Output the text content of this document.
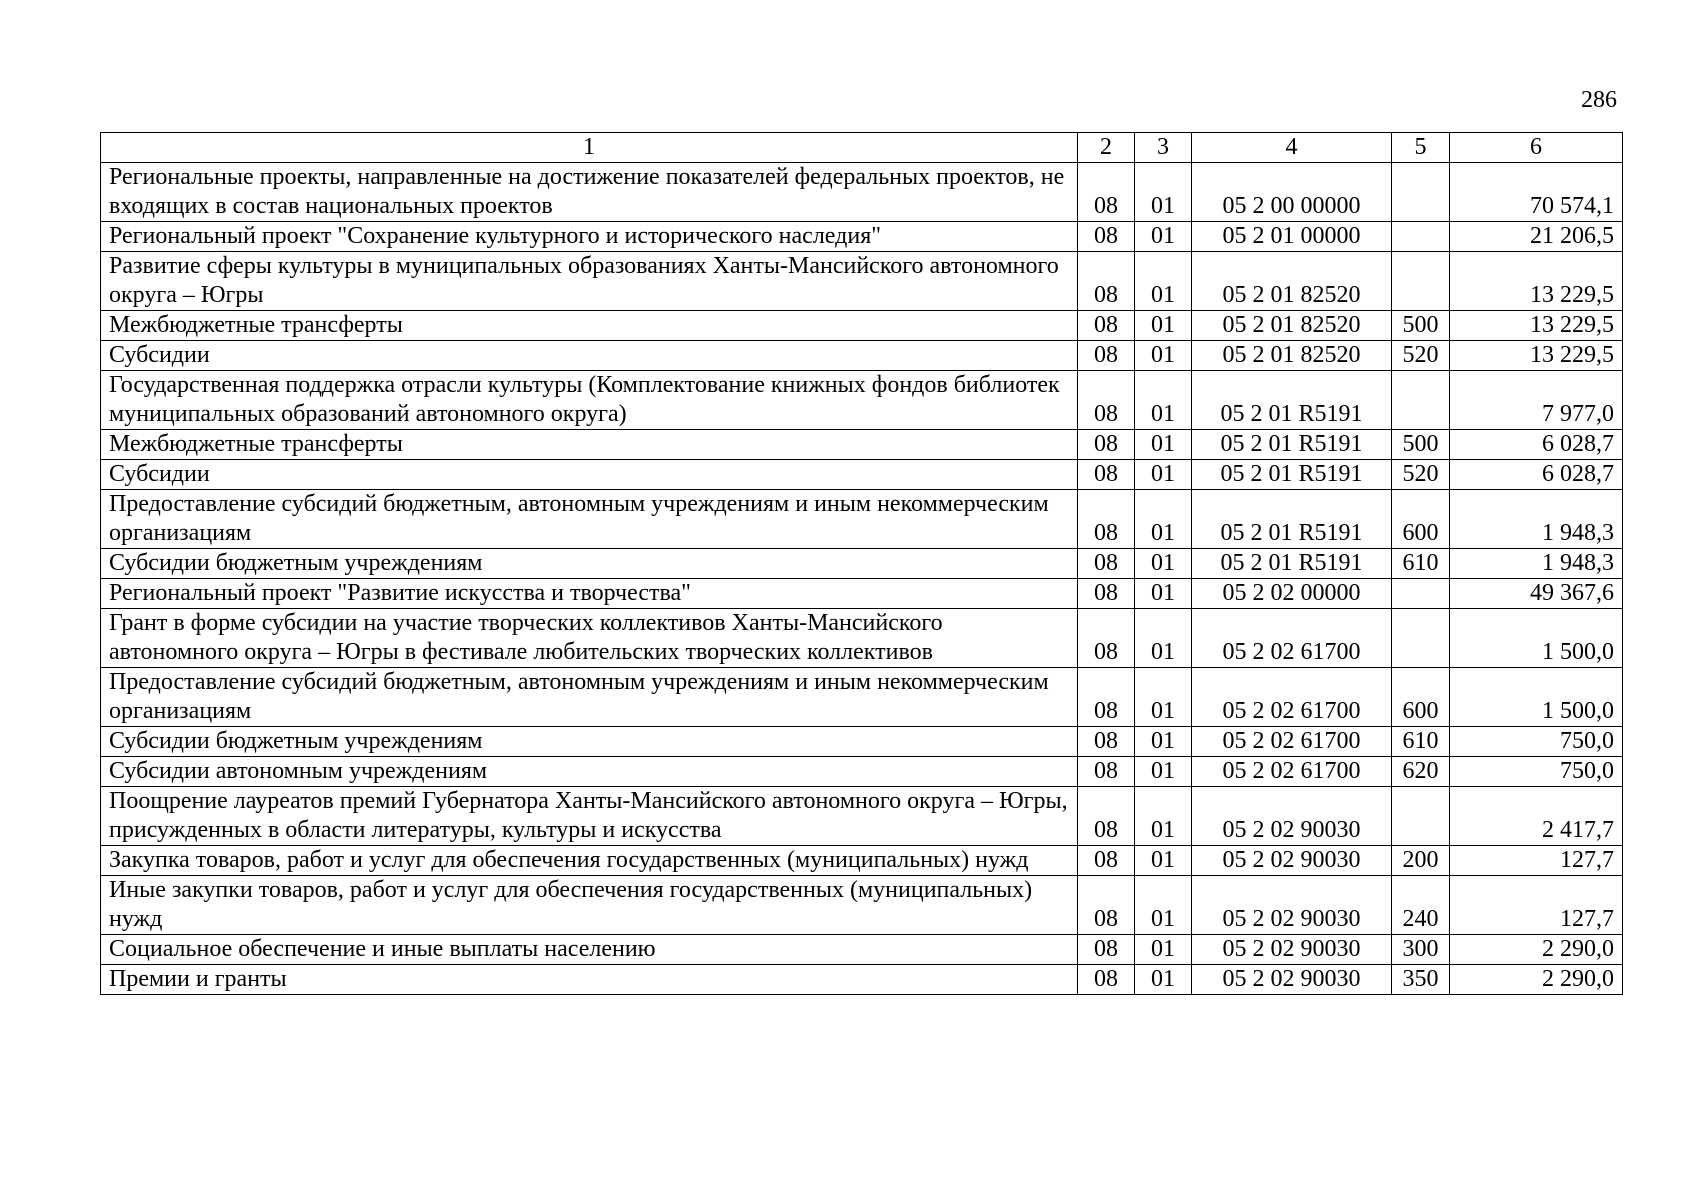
286
1	2	3	4	5	6
Региональные проекты, направленные на достижение показателей федеральных проектов, не входящих в состав национальных проектов	08	01	05 2 00 00000		70 574,1
Региональный проект "Сохранение культурного и исторического наследия"	08	01	05 2 01 00000		21 206,5
Развитие сферы культуры в муниципальных образованиях Ханты-Мансийского автономного округа – Югры	08	01	05 2 01 82520		13 229,5
Межбюджетные трансферты	08	01	05 2 01 82520	500	13 229,5
Субсидии	08	01	05 2 01 82520	520	13 229,5
Государственная поддержка отрасли культуры (Комплектование книжных фондов библиотек муниципальных образований автономного округа)	08	01	05 2 01 R5191		7 977,0
Межбюджетные трансферты	08	01	05 2 01 R5191	500	6 028,7
Субсидии	08	01	05 2 01 R5191	520	6 028,7
Предоставление субсидий бюджетным, автономным учреждениям и иным некоммерческим организациям	08	01	05 2 01 R5191	600	1 948,3
Субсидии бюджетным учреждениям	08	01	05 2 01 R5191	610	1 948,3
Региональный проект "Развитие искусства и творчества"	08	01	05 2 02 00000		49 367,6
Грант в форме субсидии на участие творческих коллективов Ханты-Мансийского автономного округа – Югры в фестивале любительских творческих коллективов	08	01	05 2 02 61700		1 500,0
Предоставление субсидий бюджетным, автономным учреждениям и иным некоммерческим организациям	08	01	05 2 02 61700	600	1 500,0
Субсидии бюджетным учреждениям	08	01	05 2 02 61700	610	750,0
Субсидии автономным учреждениям	08	01	05 2 02 61700	620	750,0
Поощрение лауреатов премий Губернатора Ханты-Мансийского автономного округа – Югры, присужденных в области литературы, культуры и искусства	08	01	05 2 02 90030		2 417,7
Закупка товаров, работ и услуг для обеспечения государственных (муниципальных) нужд	08	01	05 2 02 90030	200	127,7
Иные закупки товаров, работ и услуг для обеспечения государственных (муниципальных) нужд	08	01	05 2 02 90030	240	127,7
Социальное обеспечение и иные выплаты населению	08	01	05 2 02 90030	300	2 290,0
Премии и гранты	08	01	05 2 02 90030	350	2 290,0
